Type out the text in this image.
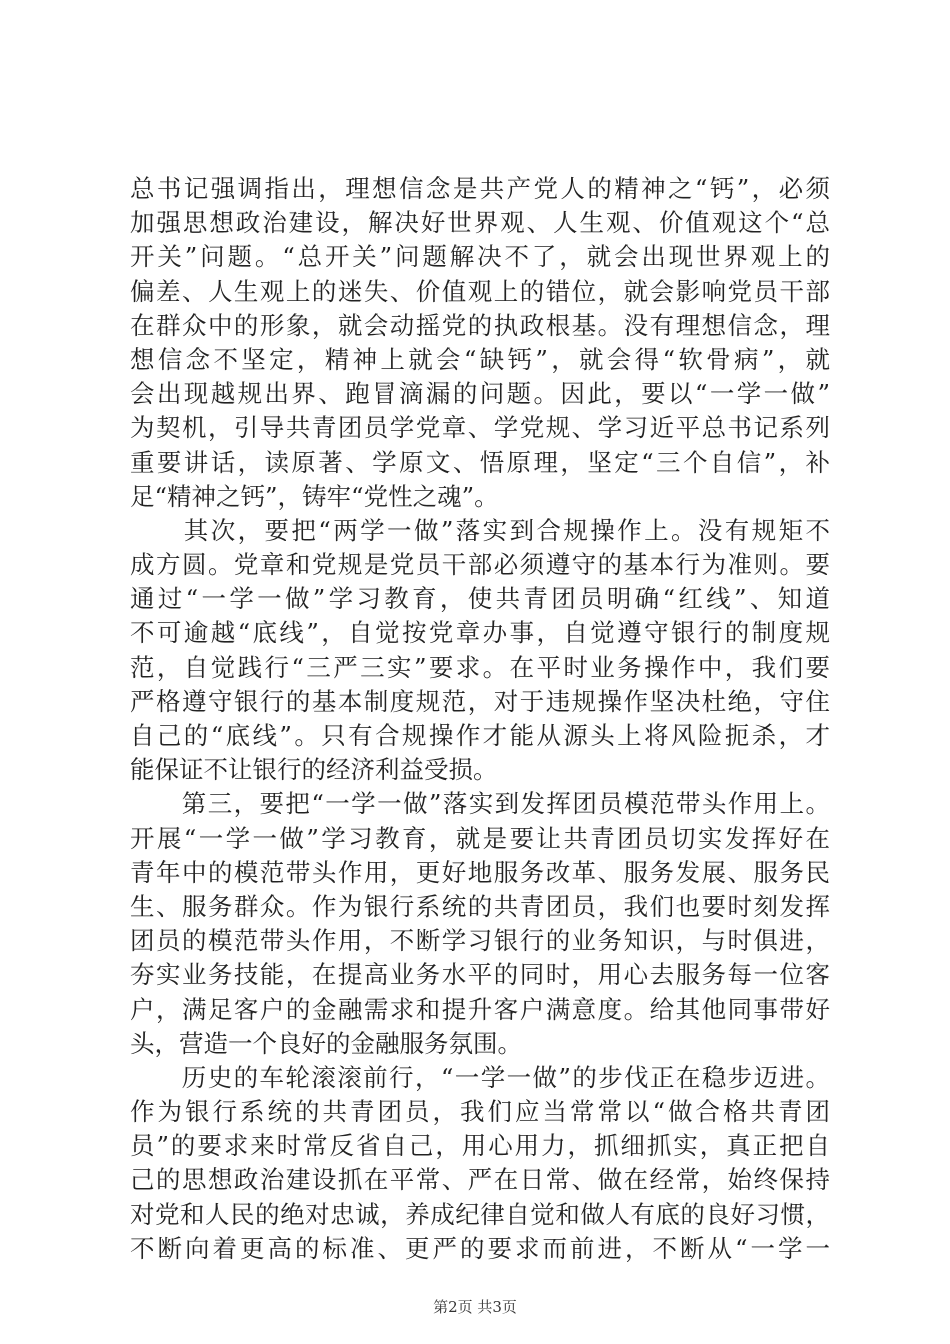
总书记强调指出，理想信念是共产党人的精神之“钙”，必须
加强思想政治建设，解决好世界观、人生观、价值观这个“总
开关”问题。“总开关”问题解决不了，就会出现世界观上的
偏差、人生观上的迷失、价值观上的错位，就会影响党员干部
在群众中的形象，就会动摇党的执政根基。没有理想信念，理
想信念不坚定，精神上就会“缺钙”，就会得“软骨病”，就
会出现越规出界、跑冒滴漏的问题。因此，要以“一学一做”
为契机，引导共青团员学党章、学党规、学习近平总书记系列
重要讲话，读原著、学原文、悟原理，坚定“三个自信”，补
足“精神之钙”，铸牢“党性之魂”。
　　其次，要把“两学一做”落实到合规操作上。没有规矩不
成方圆。党章和党规是党员干部必须遵守的基本行为准则。要
通过“一学一做”学习教育，使共青团员明确“红线”、知道
不可逾越“底线”，自觉按党章办事，自觉遵守银行的制度规
范，自觉践行“三严三实”要求。在平时业务操作中，我们要
严格遵守银行的基本制度规范，对于违规操作坚决杜绝，守住
自己的“底线”。只有合规操作才能从源头上将风险扼杀，才
能保证不让银行的经济利益受损。
　　第三，要把“一学一做”落实到发挥团员模范带头作用上。
开展“一学一做”学习教育，就是要让共青团员切实发挥好在
青年中的模范带头作用，更好地服务改革、服务发展、服务民
生、服务群众。作为银行系统的共青团员，我们也要时刻发挥
团员的模范带头作用，不断学习银行的业务知识，与时俱进，
夯实业务技能，在提高业务水平的同时，用心去服务每一位客
户，满足客户的金融需求和提升客户满意度。给其他同事带好
头，营造一个良好的金融服务氛围。
　　历史的车轮滚滚前行，“一学一做”的步伐正在稳步迈进。
作为银行系统的共青团员，我们应当常常以“做合格共青团
员”的要求来时常反省自己，用心用力，抓细抓实，真正把自
己的思想政治建设抓在平常、严在日常、做在经常，始终保持
对党和人民的绝对忠诚，养成纪律自觉和做人有底的良好习惯，
不断向着更高的标准、更严的要求而前进，不断从“一学一
第2页 共3页
